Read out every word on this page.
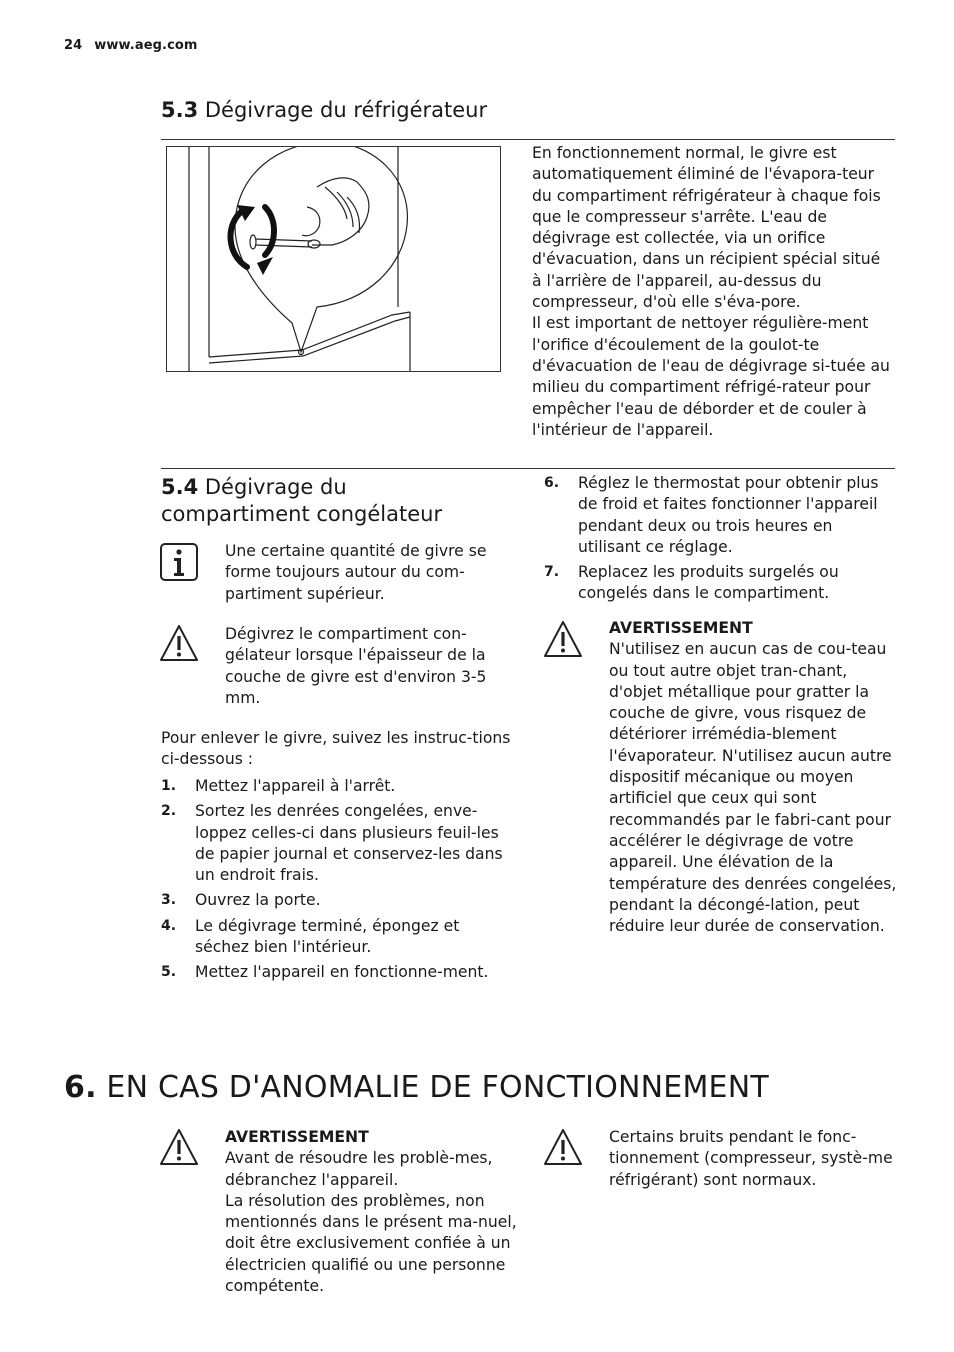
24 www.aeg.com
5.3 Dégivrage du réfrigérateur

En fonctionnement normal, le givre est automatiquement éliminé de l'évapora-teur du compartiment réfrigérateur à chaque fois que le compresseur s'arrête. L'eau de dégivrage est collectée, via un orifice d'évacuation, dans un récipient spécial situé à l'arrière de l'appareil, au-dessus du compresseur, d'où elle s'éva-pore.

Il est important de nettoyer régulière-ment l'orifice d'écoulement de la goulot-te d'évacuation de l'eau de dégivrage si-tuée au milieu du compartiment réfrigé-rateur pour empêcher l'eau de déborder et de couler à l'intérieur de l'appareil.

5.4 Dégivrage du
compartiment congélateur
Une certaine quantité de givre se forme toujours autour du com-partiment supérieur.
Dégivrez le compartiment con-gélateur lorsque l'épaisseur de la couche de givre est d'environ 3-5 mm.
Pour enlever le givre, suivez les instruc-tions ci-dessous :
1. Mettez l'appareil à l'arrêt.
2. Sortez les denrées congelées, enve-loppez celles-ci dans plusieurs feuil-les de papier journal et conservez-les dans un endroit frais.
3. Ouvrez la porte.
4. Le dégivrage terminé, épongez et séchez bien l'intérieur.
5. Mettez l'appareil en fonctionne-ment.
6. Réglez le thermostat pour obtenir plus de froid et faites fonctionner l'appareil pendant deux ou trois heures en utilisant ce réglage.
7. Replacez les produits surgelés ou congelés dans le compartiment.
AVERTISSEMENT
N'utilisez en aucun cas de cou-teau ou tout autre objet tran-chant, d'objet métallique pour gratter la couche de givre, vous risquez de détériorer irrémédia-blement l'évaporateur. N'utilisez aucun autre dispositif mécanique ou moyen artificiel que ceux qui sont recommandés par le fabri-cant pour accélérer le dégivrage de votre appareil. Une élévation de la température des denrées congelées, pendant la décongé-lation, peut réduire leur durée de conservation.
6. EN CAS D'ANOMALIE DE FONCTIONNEMENT
AVERTISSEMENT
Avant de résoudre les problè-mes, débranchez l'appareil.
La résolution des problèmes, non mentionnés dans le présent ma-nuel, doit être exclusivement confiée à un électricien qualifié ou une personne compétente.
Certains bruits pendant le fonc-tionnement (compresseur, systè-me réfrigérant) sont normaux.
